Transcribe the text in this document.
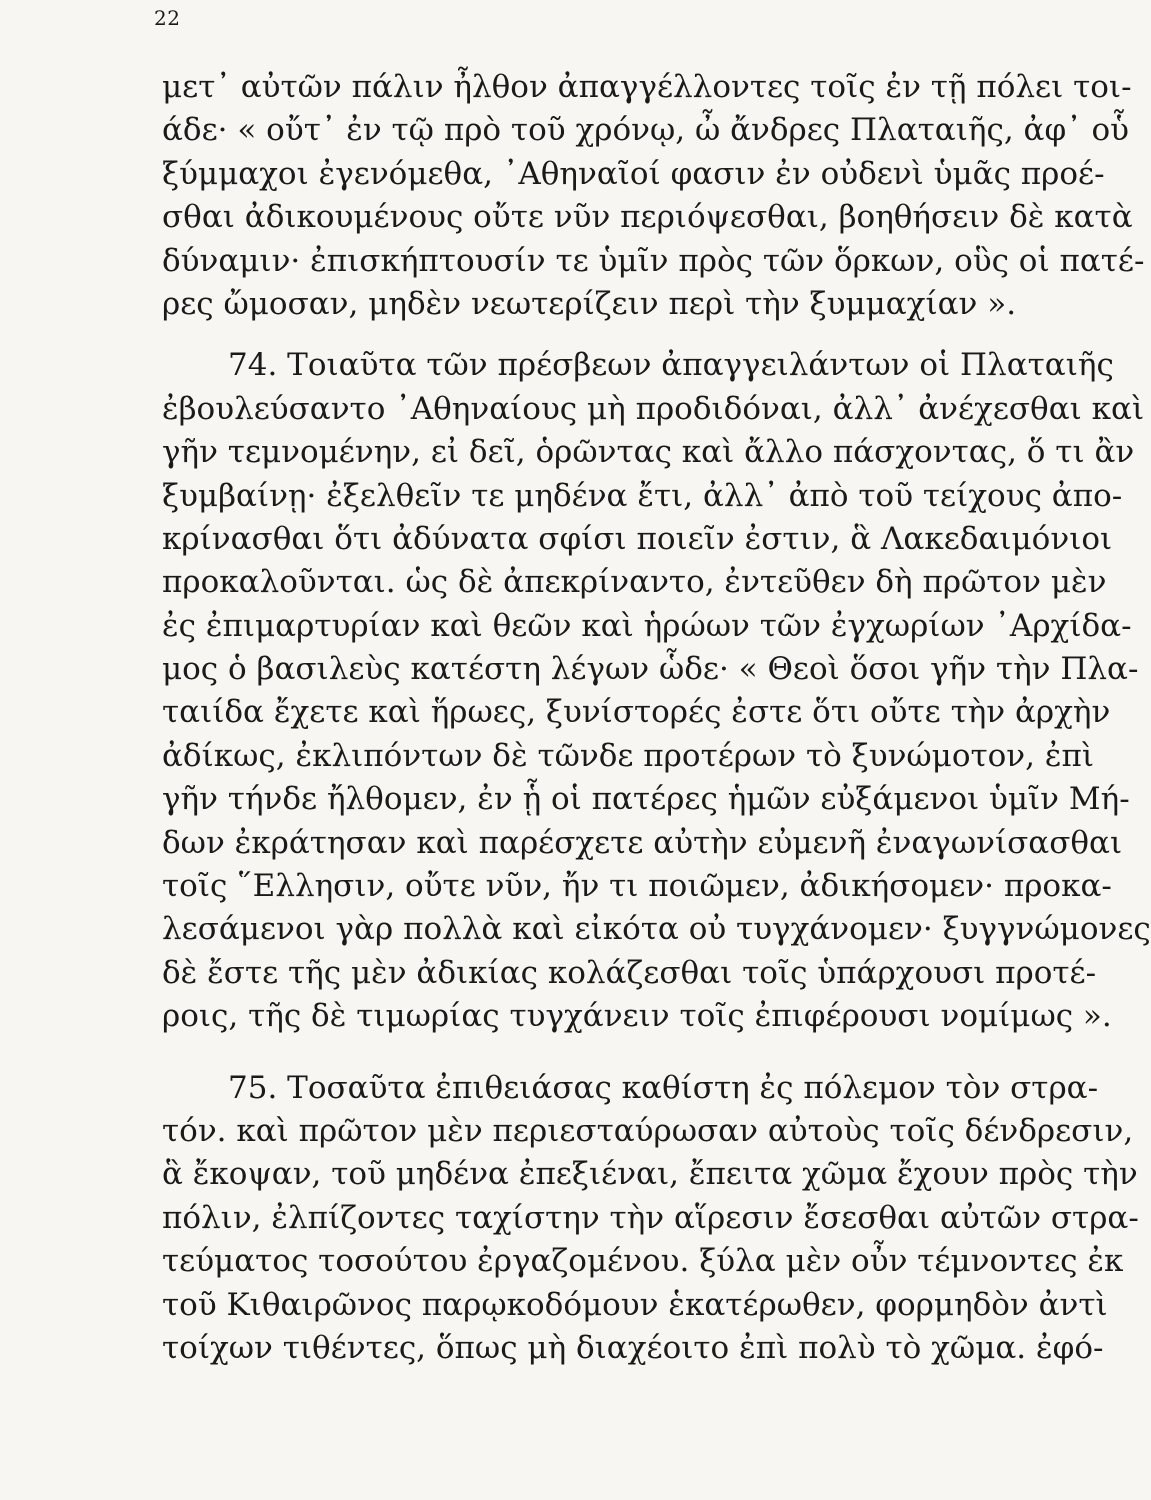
22
μετ᾽ αὐτῶν πάλιν ἦλθον ἀπαγγέλλοντες τοῖς ἐν τῇ πόλει τοι-
άδε· « οὔτ᾽ ἐν τῷ πρὸ τοῦ χρόνῳ, ὦ ἄνδρες Πλαταιῆς, ἀφ᾽ οὗ
ξύμμαχοι ἐγενόμεθα, ᾿Αθηναῖοί φασιν ἐν οὐδενὶ ὑμᾶς προέ-
σθαι ἀδικουμένους οὔτε νῦν περιόψεσθαι, βοηθήσειν δὲ κατὰ
δύναμιν· ἐπισκήπτουσίν τε ὑμῖν πρὸς τῶν ὅρκων, οὓς οἱ πατέ-
ρες ὤμοσαν, μηδὲν νεωτερίζειν περὶ τὴν ξυμμαχίαν ».
74. Τοιαῦτα τῶν πρέσβεων ἀπαγγειλάντων οἱ Πλαταιῆς
ἐβουλεύσαντο ᾿Αθηναίους μὴ προδιδόναι, ἀλλ᾽ ἀνέχεσθαι καὶ
γῆν τεμνομένην, εἰ δεῖ, ὁρῶντας καὶ ἄλλο πάσχοντας, ὅ τι ἂν
ξυμβαίνῃ· ἐξελθεῖν τε μηδένα ἔτι, ἀλλ᾽ ἀπὸ τοῦ τείχους ἀπο-
κρίνασθαι ὅτι ἀδύνατα σφίσι ποιεῖν ἐστιν, ἃ Λακεδαιμόνιοι
προκαλοῦνται. ὡς δὲ ἀπεκρίναντο, ἐντεῦθεν δὴ πρῶτον μὲν
ἐς ἐπιμαρτυρίαν καὶ θεῶν καὶ ἡρώων τῶν ἐγχωρίων ᾿Αρχίδα-
μος ὁ βασιλεὺς κατέστη λέγων ὧδε· « Θεοὶ ὅσοι γῆν τὴν Πλα-
ταιίδα ἔχετε καὶ ἥρωες, ξυνίστορές ἐστε ὅτι οὔτε τὴν ἀρχὴν
ἀδίκως, ἐκλιπόντων δὲ τῶνδε προτέρων τὸ ξυνώμοτον, ἐπὶ
γῆν τήνδε ἤλθομεν, ἐν ᾗ οἱ πατέρες ἡμῶν εὐξάμενοι ὑμῖν Μή-
δων ἐκράτησαν καὶ παρέσχετε αὐτὴν εὐμενῆ ἐναγωνίσασθαι
τοῖς ῞Ελλησιν, οὔτε νῦν, ἤν τι ποιῶμεν, ἀδικήσομεν· προκα-
λεσάμενοι γὰρ πολλὰ καὶ εἰκότα οὐ τυγχάνομεν· ξυγγνώμονες
δὲ ἔστε τῆς μὲν ἀδικίας κολάζεσθαι τοῖς ὑπάρχουσι προτέ-
ροις, τῆς δὲ τιμωρίας τυγχάνειν τοῖς ἐπιφέρουσι νομίμως ».
75. Τοσαῦτα ἐπιθειάσας καθίστη ἐς πόλεμον τὸν στρα-
τόν. καὶ πρῶτον μὲν περιεσταύρωσαν αὐτοὺς τοῖς δένδρεσιν,
ἃ ἔκοψαν, τοῦ μηδένα ἐπεξιέναι, ἔπειτα χῶμα ἔχουν πρὸς τὴν
πόλιν, ἐλπίζοντες ταχίστην τὴν αἵρεσιν ἔσεσθαι αὐτῶν στρα-
τεύματος τοσούτου ἐργαζομένου. ξύλα μὲν οὖν τέμνοντες ἐκ
τοῦ Κιθαιρῶνος παρῳκοδόμουν ἑκατέρωθεν, φορμηδὸν ἀντὶ
τοίχων τιθέντες, ὅπως μὴ διαχέοιτο ἐπὶ πολὺ τὸ χῶμα. ἐφό-
